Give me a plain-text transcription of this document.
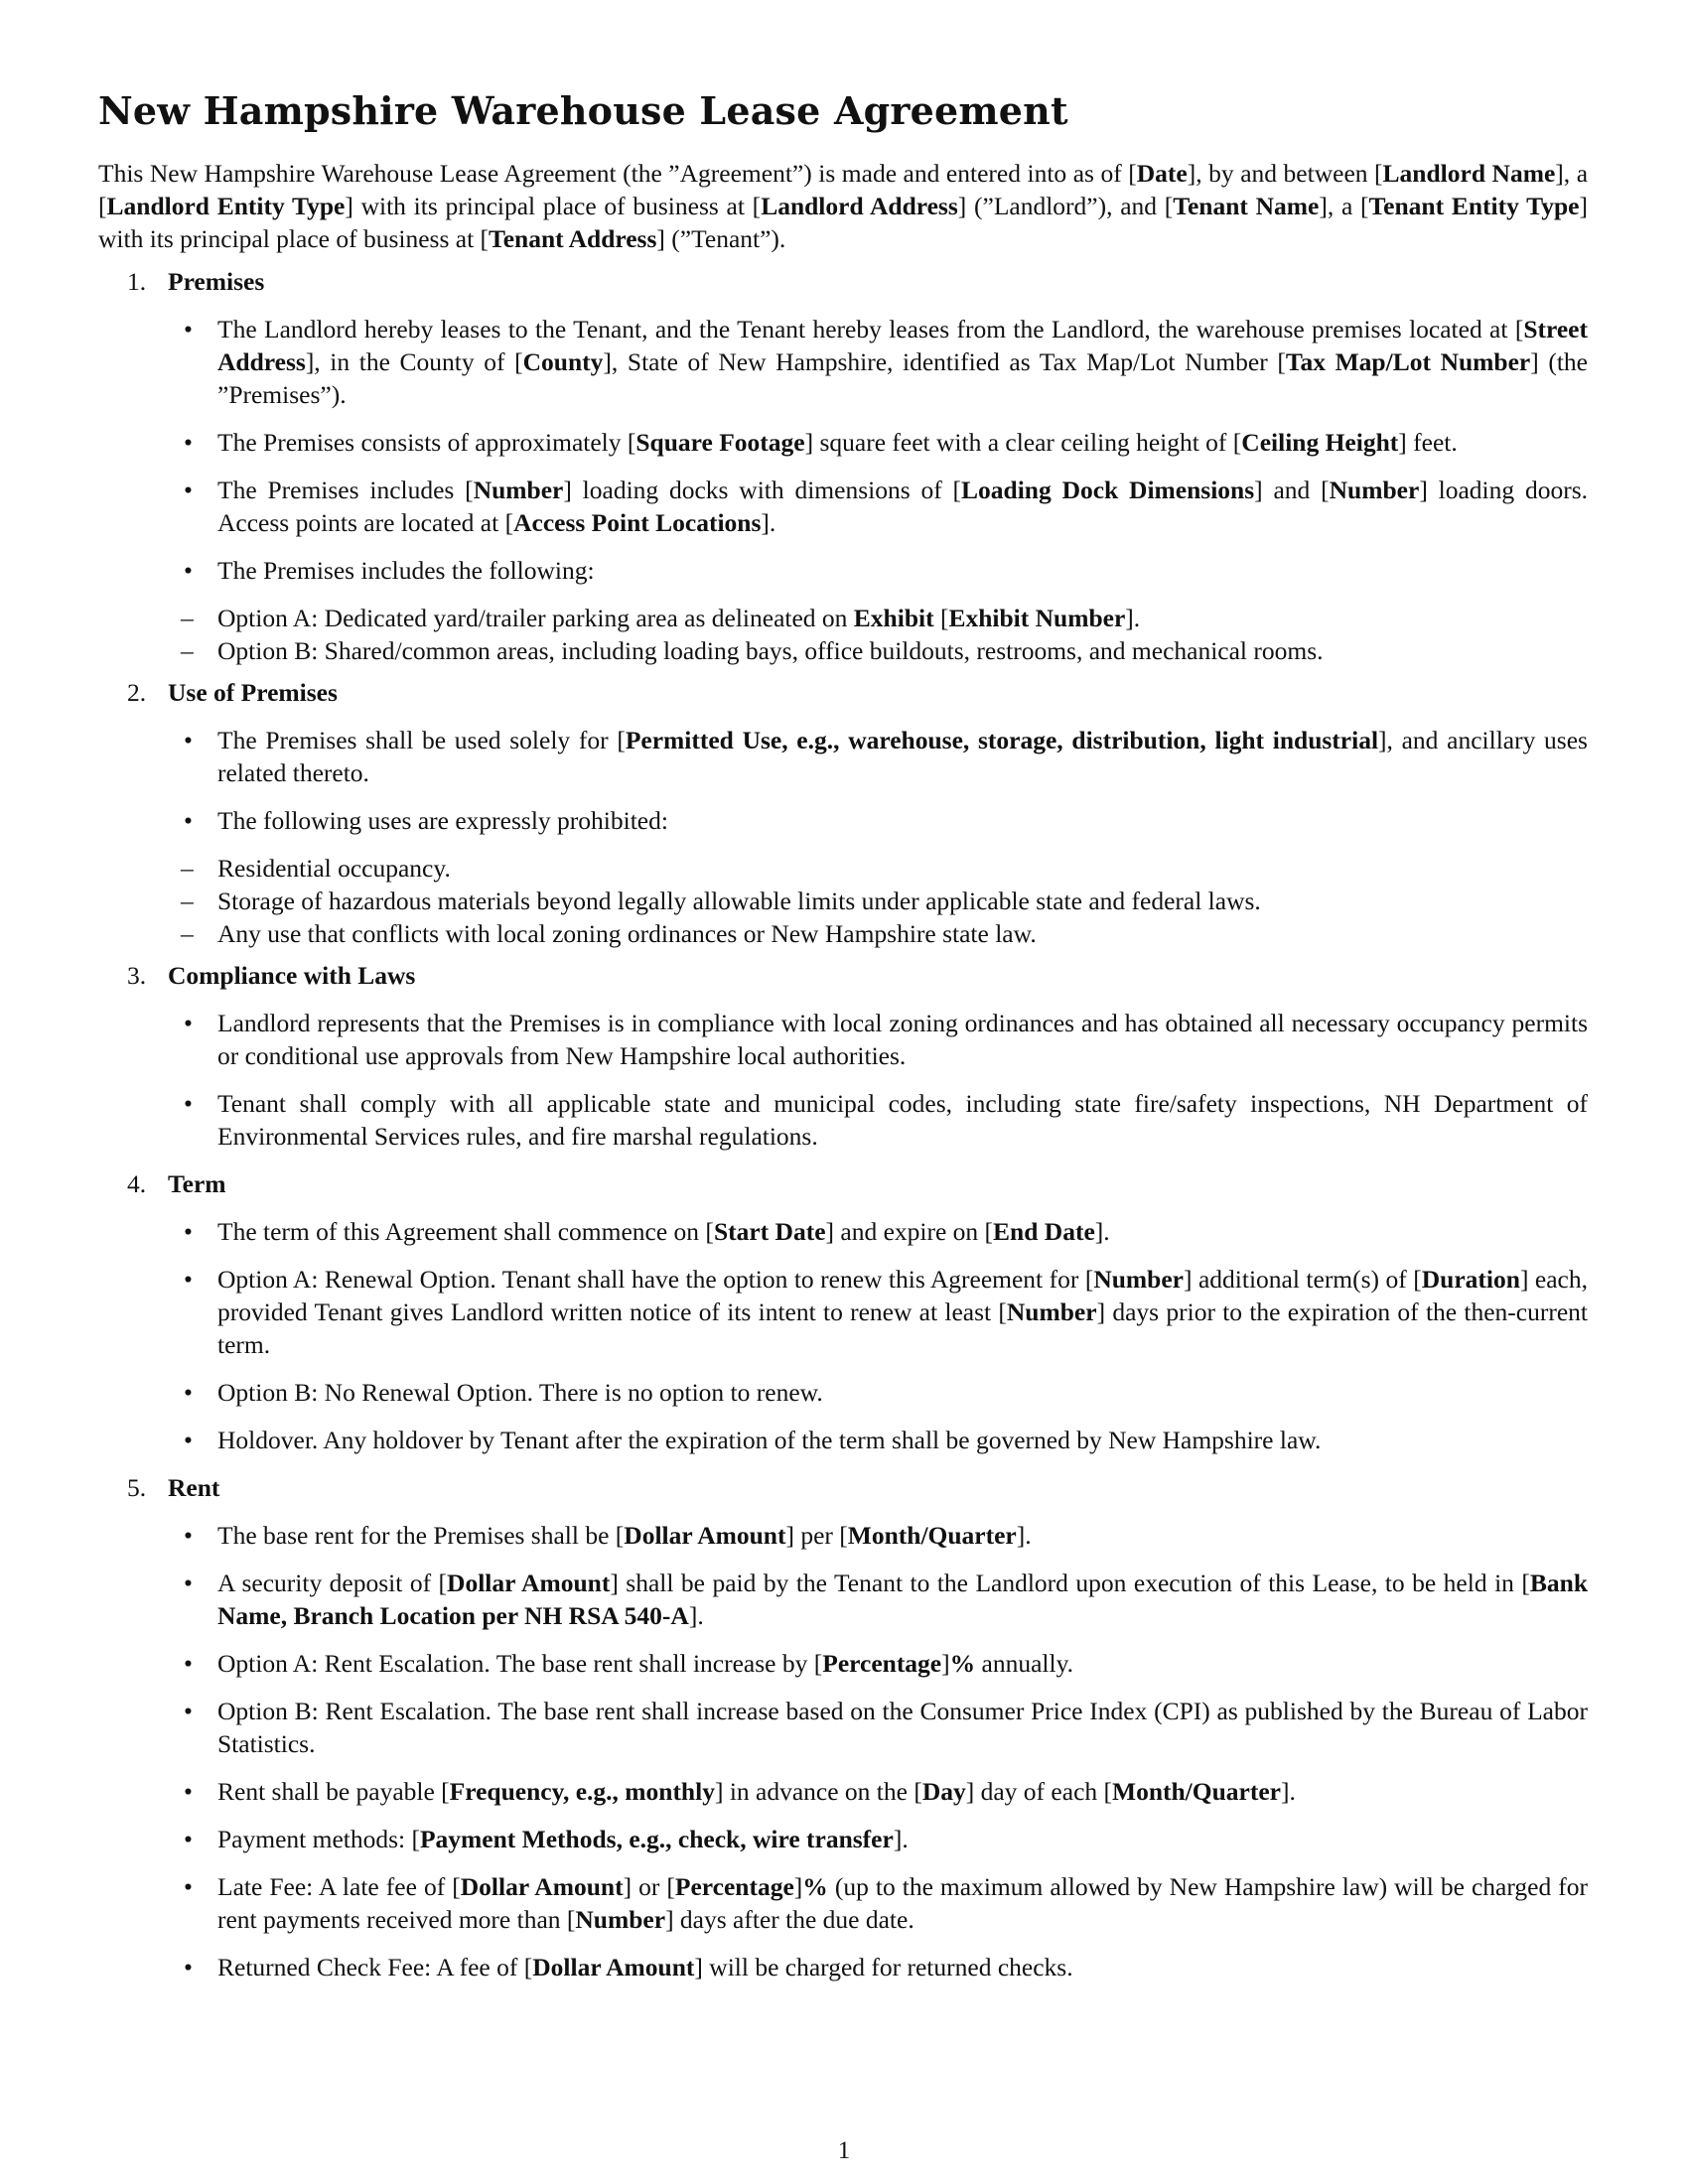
New Hampshire Warehouse Lease Agreement

This New Hampshire Warehouse Lease Agreement (the ”Agreement”) is made and entered into as of [Date], by and between [Landlord Name], a [Landlord Entity Type] with its principal place of business at [Landlord Address] (”Landlord”), and [Tenant Name], a [Tenant Entity Type] with its principal place of business at [Tenant Address] (”Tenant”).

1. Premises
• The Landlord hereby leases to the Tenant, and the Tenant hereby leases from the Landlord, the warehouse premises located at [Street Address], in the County of [County], State of New Hampshire, identified as Tax Map/Lot Number [Tax Map/Lot Number] (the ”Premises”).

• The Premises consists of approximately [Square Footage] square feet with a clear ceiling height of [Ceiling Height] feet.

• The Premises includes [Number] loading docks with dimensions of [Loading Dock Dimensions] and [Number] loading doors. Access points are located at [Access Point Locations].

• The Premises includes the following:

– Option A: Dedicated yard/trailer parking area as delineated on Exhibit [Exhibit Number].
– Option B: Shared/common areas, including loading bays, office buildouts, restrooms, and mechanical rooms.
2. Use of Premises
• The Premises shall be used solely for [Permitted Use, e.g., warehouse, storage, distribution, light industrial], and ancillary uses related thereto.

• The following uses are expressly prohibited:

– Residential occupancy.
– Storage of hazardous materials beyond legally allowable limits under applicable state and federal laws.
– Any use that conflicts with local zoning ordinances or New Hampshire state law.
3. Compliance with Laws
• Landlord represents that the Premises is in compliance with local zoning ordinances and has obtained all necessary occupancy permits or conditional use approvals from New Hampshire local authorities.

• Tenant shall comply with all applicable state and municipal codes, including state fire/safety inspections, NH Department of Environmental Services rules, and fire marshal regulations.

4. Term
• The term of this Agreement shall commence on [Start Date] and expire on [End Date].

• Option A: Renewal Option. Tenant shall have the option to renew this Agreement for [Number] additional term(s) of [Duration] each, provided Tenant gives Landlord written notice of its intent to renew at least [Number] days prior to the expiration of the then-current term.

• Option B: No Renewal Option. There is no option to renew.

• Holdover. Any holdover by Tenant after the expiration of the term shall be governed by New Hampshire law.

5. Rent
• The base rent for the Premises shall be [Dollar Amount] per [Month/Quarter].

• A security deposit of [Dollar Amount] shall be paid by the Tenant to the Landlord upon execution of this Lease, to be held in [Bank Name, Branch Location per NH RSA 540-A].

• Option A: Rent Escalation. The base rent shall increase by [Percentage]% annually.

• Option B: Rent Escalation. The base rent shall increase based on the Consumer Price Index (CPI) as published by the Bureau of Labor Statistics.

• Rent shall be payable [Frequency, e.g., monthly] in advance on the [Day] day of each [Month/Quarter].

• Payment methods: [Payment Methods, e.g., check, wire transfer].

• Late Fee: A late fee of [Dollar Amount] or [Percentage]% (up to the maximum allowed by New Hampshire law) will be charged for rent payments received more than [Number] days after the due date.

• Returned Check Fee: A fee of [Dollar Amount] will be charged for returned checks.

1
